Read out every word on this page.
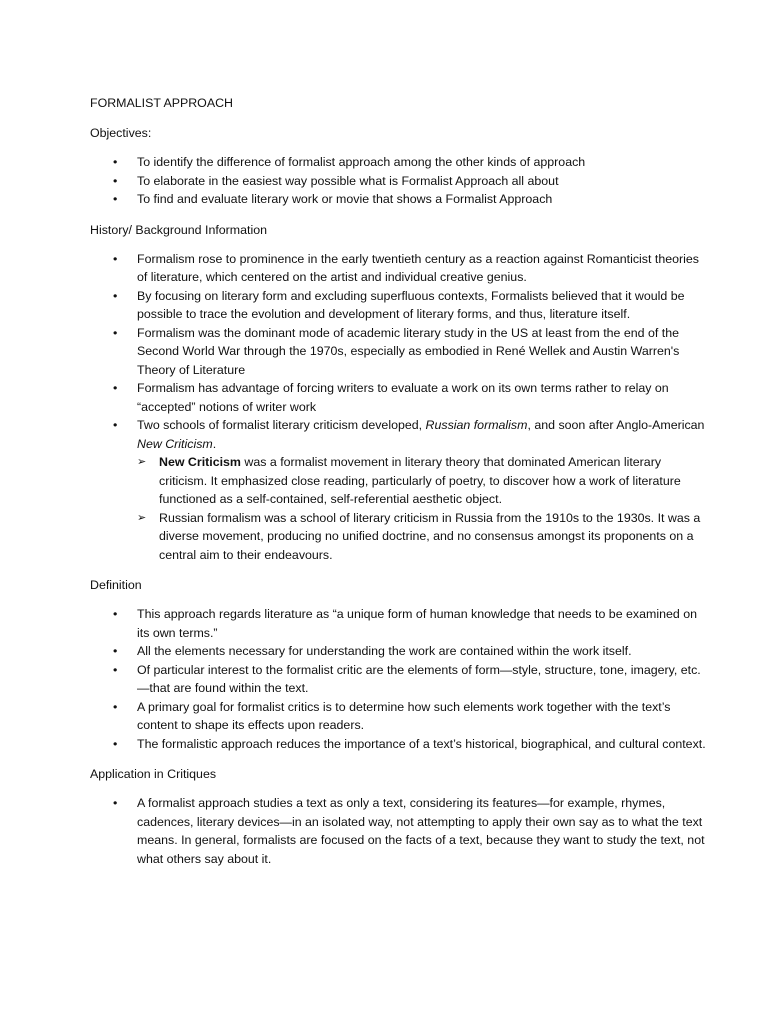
FORMALIST APPROACH

Objectives:

• To identify the difference of formalist approach among the other kinds of approach
• To elaborate in the easiest way possible what is Formalist Approach all about
• To find and evaluate literary work or movie that shows a Formalist Approach

History/ Background Information

• Formalism rose to prominence in the early twentieth century as a reaction against Romanticist theories of literature, which centered on the artist and individual creative genius.
• By focusing on literary form and excluding superfluous contexts, Formalists believed that it would be possible to trace the evolution and development of literary forms, and thus, literature itself.
• Formalism was the dominant mode of academic literary study in the US at least from the end of the Second World War through the 1970s, especially as embodied in René Wellek and Austin Warren's Theory of Literature
• Formalism has advantage of forcing writers to evaluate a work on its own terms rather to relay on “accepted” notions of writer work
• Two schools of formalist literary criticism developed, Russian formalism, and soon after Anglo-American New Criticism.
➢ New Criticism was a formalist movement in literary theory that dominated American literary criticism. It emphasized close reading, particularly of poetry, to discover how a work of literature functioned as a self-contained, self-referential aesthetic object.
➢ Russian formalism was a school of literary criticism in Russia from the 1910s to the 1930s. It was a diverse movement, producing no unified doctrine, and no consensus amongst its proponents on a central aim to their endeavours.

Definition

• This approach regards literature as “a unique form of human knowledge that needs to be examined on its own terms.”
• All the elements necessary for understanding the work are contained within the work itself.
• Of particular interest to the formalist critic are the elements of form—style, structure, tone, imagery, etc.—that are found within the text.
• A primary goal for formalist critics is to determine how such elements work together with the text’s content to shape its effects upon readers.
• The formalistic approach reduces the importance of a text’s historical, biographical, and cultural context.

Application in Critiques

• A formalist approach studies a text as only a text, considering its features—for example, rhymes, cadences, literary devices—in an isolated way, not attempting to apply their own say as to what the text means. In general, formalists are focused on the facts of a text, because they want to study the text, not what others say about it.
